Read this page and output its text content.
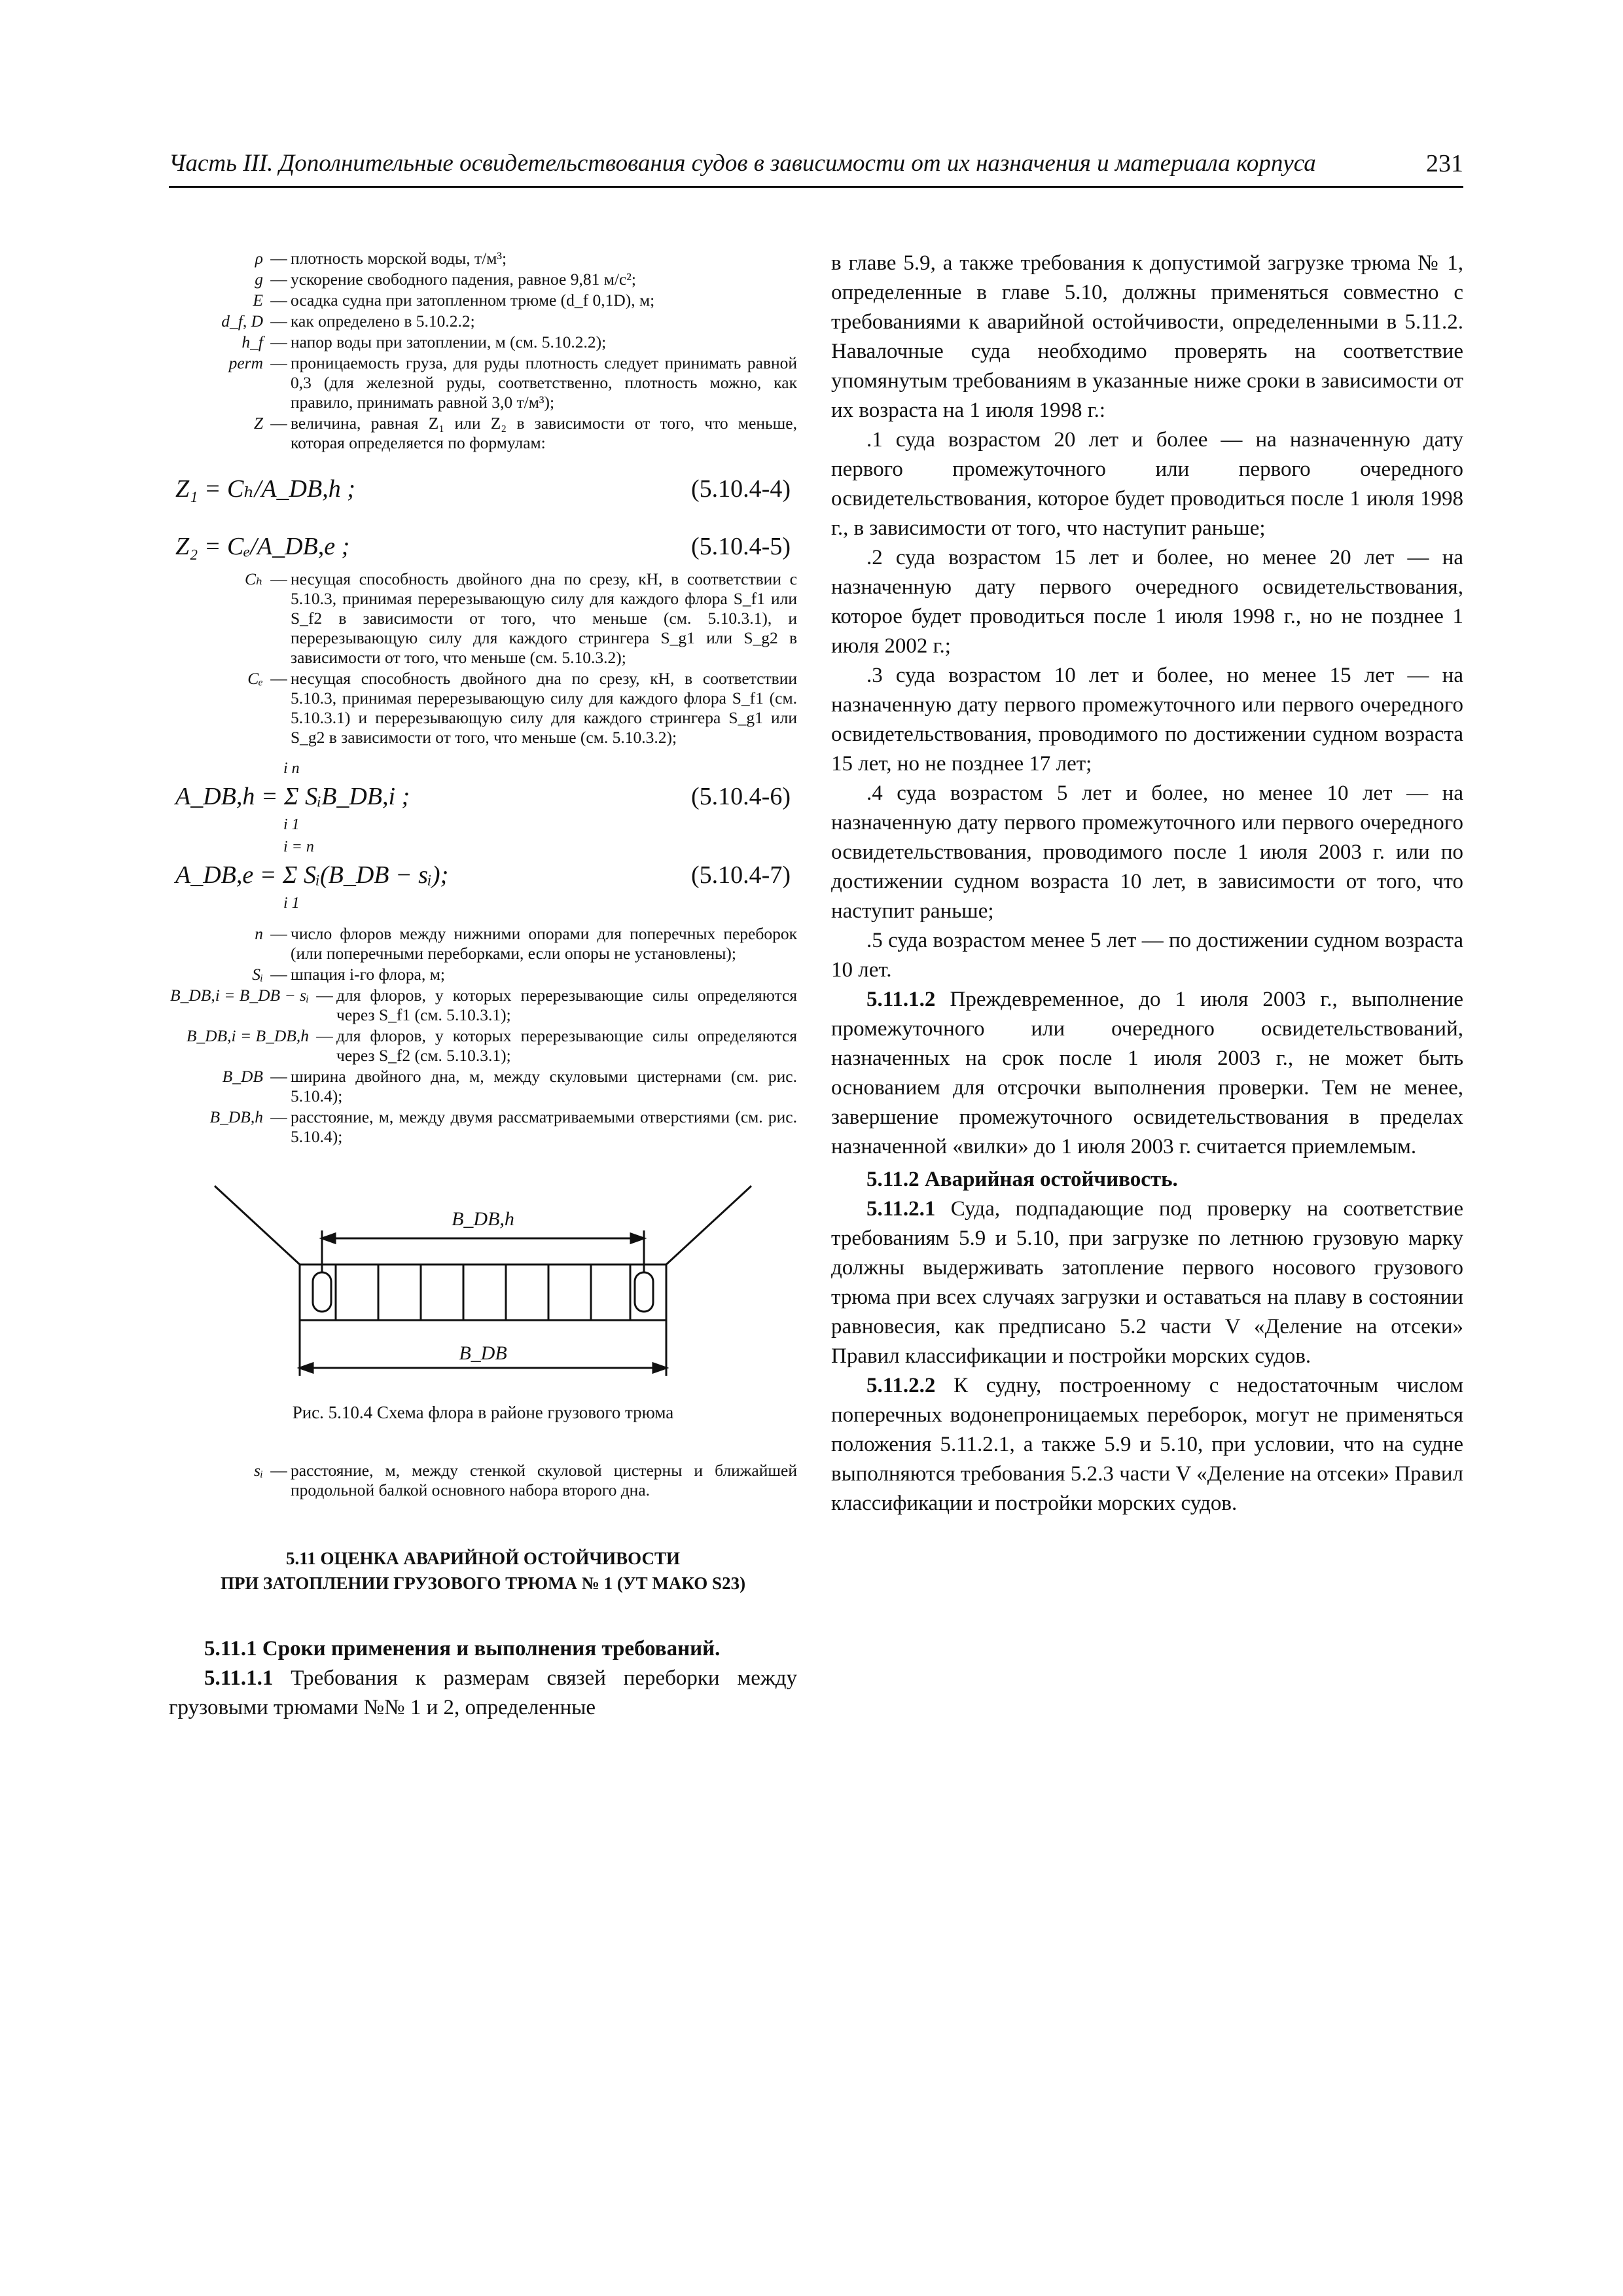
Часть III. Дополнительные освидетельствования судов в зависимости от их назначения и материала корпуса	231
ρ — плотность морской воды, т/м³;
g — ускорение свободного падения, равное 9,81 м/с²;
E — осадка судна при затопленном трюме (d_f 0,1D), м;
d_f, D — как определено в 5.10.2.2;
h_f — напор воды при затоплении, м (см. 5.10.2.2);
perm — проницаемость груза, для руды плотность следует принимать равной 0,3 (для железной руды, соответственно, плотность можно, как правило, принимать равной 3,0 т/м³);
Z — величина, равная Z₁ или Z₂ в зависимости от того, что меньше, которая определяется по формулам:
Z₁ = Cₕ/A_DB,h ;	(5.10.4-4)
Z₂ = Cₑ/A_DB,e ;	(5.10.4-5)
Cₕ — несущая способность двойного дна по срезу, кН, в соответствии с 5.10.3, принимая перерезывающую силу для каждого флора S_f1 или S_f2 в зависимости от того, что меньше (см. 5.10.3.1), и перерезывающую силу для каждого стрингера S_g1 или S_g2 в зависимости от того, что меньше (см. 5.10.3.2);
Cₑ — несущая способность двойного дна по срезу, кН, в соответствии 5.10.3, принимая перерезывающую силу для каждого флора S_f1 (см. 5.10.3.1) и перерезывающую силу для каждого стрингера S_g1 или S_g2 в зависимости от того, что меньше (см. 5.10.3.2);
i n
A_DB,h = Σ SᵢB_DB,i ;
i 1
(5.10.4-6)
i = n
A_DB,e = Σ Sᵢ(B_DB − sᵢ);
i 1
(5.10.4-7)
n — число флоров между нижними опорами для поперечных переборок (или поперечными переборками, если опоры не установлены);
Sᵢ — шпация i-го флора, м;
B_DB,i = B_DB − sᵢ — для флоров, у которых перерезывающие силы определяются через S_f1 (см. 5.10.3.1);
B_DB,i = B_DB,h — для флоров, у которых перерезывающие силы определяются через S_f2 (см. 5.10.3.1);
B_DB — ширина двойного дна, м, между скуловыми цистернами (см. рис. 5.10.4);
B_DB,h — расстояние, м, между двумя рассматриваемыми отверстиями (см. рис. 5.10.4);
B_DB,h
B_DB
Рис. 5.10.4 Схема флора в районе грузового трюма
sᵢ — расстояние, м, между стенкой скуловой цистерны и ближайшей продольной балкой основного набора второго дна.
5.11 ОЦЕНКА АВАРИЙНОЙ ОСТОЙЧИВОСТИ
ПРИ ЗАТОПЛЕНИИ ГРУЗОВОГО ТРЮМА № 1 (УТ МАКО S23)
5.11.1 Сроки применения и выполнения требований.

5.11.1.1 Требования к размерам связей переборки между грузовыми трюмами №№ 1 и 2, определенные

в главе 5.9, а также требования к допустимой загрузке трюма № 1, определенные в главе 5.10, должны применяться совместно с требованиями к аварийной остойчивости, определенными в 5.11.2. Навалочные суда необходимо проверять на соответствие упомянутым требованиям в указанные ниже сроки в зависимости от их возраста на 1 июля 1998 г.:

.1 суда возрастом 20 лет и более — на назначенную дату первого промежуточного или первого очередного освидетельствования, которое будет проводиться после 1 июля 1998 г., в зависимости от того, что наступит раньше;

.2 суда возрастом 15 лет и более, но менее 20 лет — на назначенную дату первого очередного освидетельствования, которое будет проводиться после 1 июля 1998 г., но не позднее 1 июля 2002 г.;

.3 суда возрастом 10 лет и более, но менее 15 лет — на назначенную дату первого промежуточного или первого очередного освидетельствования, проводимого по достижении судном возраста 15 лет, но не позднее 17 лет;

.4 суда возрастом 5 лет и более, но менее 10 лет — на назначенную дату первого промежуточного или первого очередного освидетельствования, проводимого после 1 июля 2003 г. или по достижении судном возраста 10 лет, в зависимости от того, что наступит раньше;

.5 суда возрастом менее 5 лет — по достижении судном возраста 10 лет.

5.11.1.2 Преждевременное, до 1 июля 2003 г., выполнение промежуточного или очередного освидетельствований, назначенных на срок после 1 июля 2003 г., не может быть основанием для отсрочки выполнения проверки. Тем не менее, завершение промежуточного освидетельствования в пределах назначенной «вилки» до 1 июля 2003 г. считается приемлемым.

5.11.2 Аварийная остойчивость.

5.11.2.1 Суда, подпадающие под проверку на соответствие требованиям 5.9 и 5.10, при загрузке по летнюю грузовую марку должны выдерживать затопление первого носового грузового трюма при всех случаях загрузки и оставаться на плаву в состоянии равновесия, как предписано 5.2 части V «Деление на отсеки» Правил классификации и постройки морских судов.

5.11.2.2 К судну, построенному с недостаточным числом поперечных водонепроницаемых переборок, могут не применяться положения 5.11.2.1, а также 5.9 и 5.10, при условии, что на судне выполняются требования 5.2.3 части V «Деление на отсеки» Правил классификации и постройки морских судов.
